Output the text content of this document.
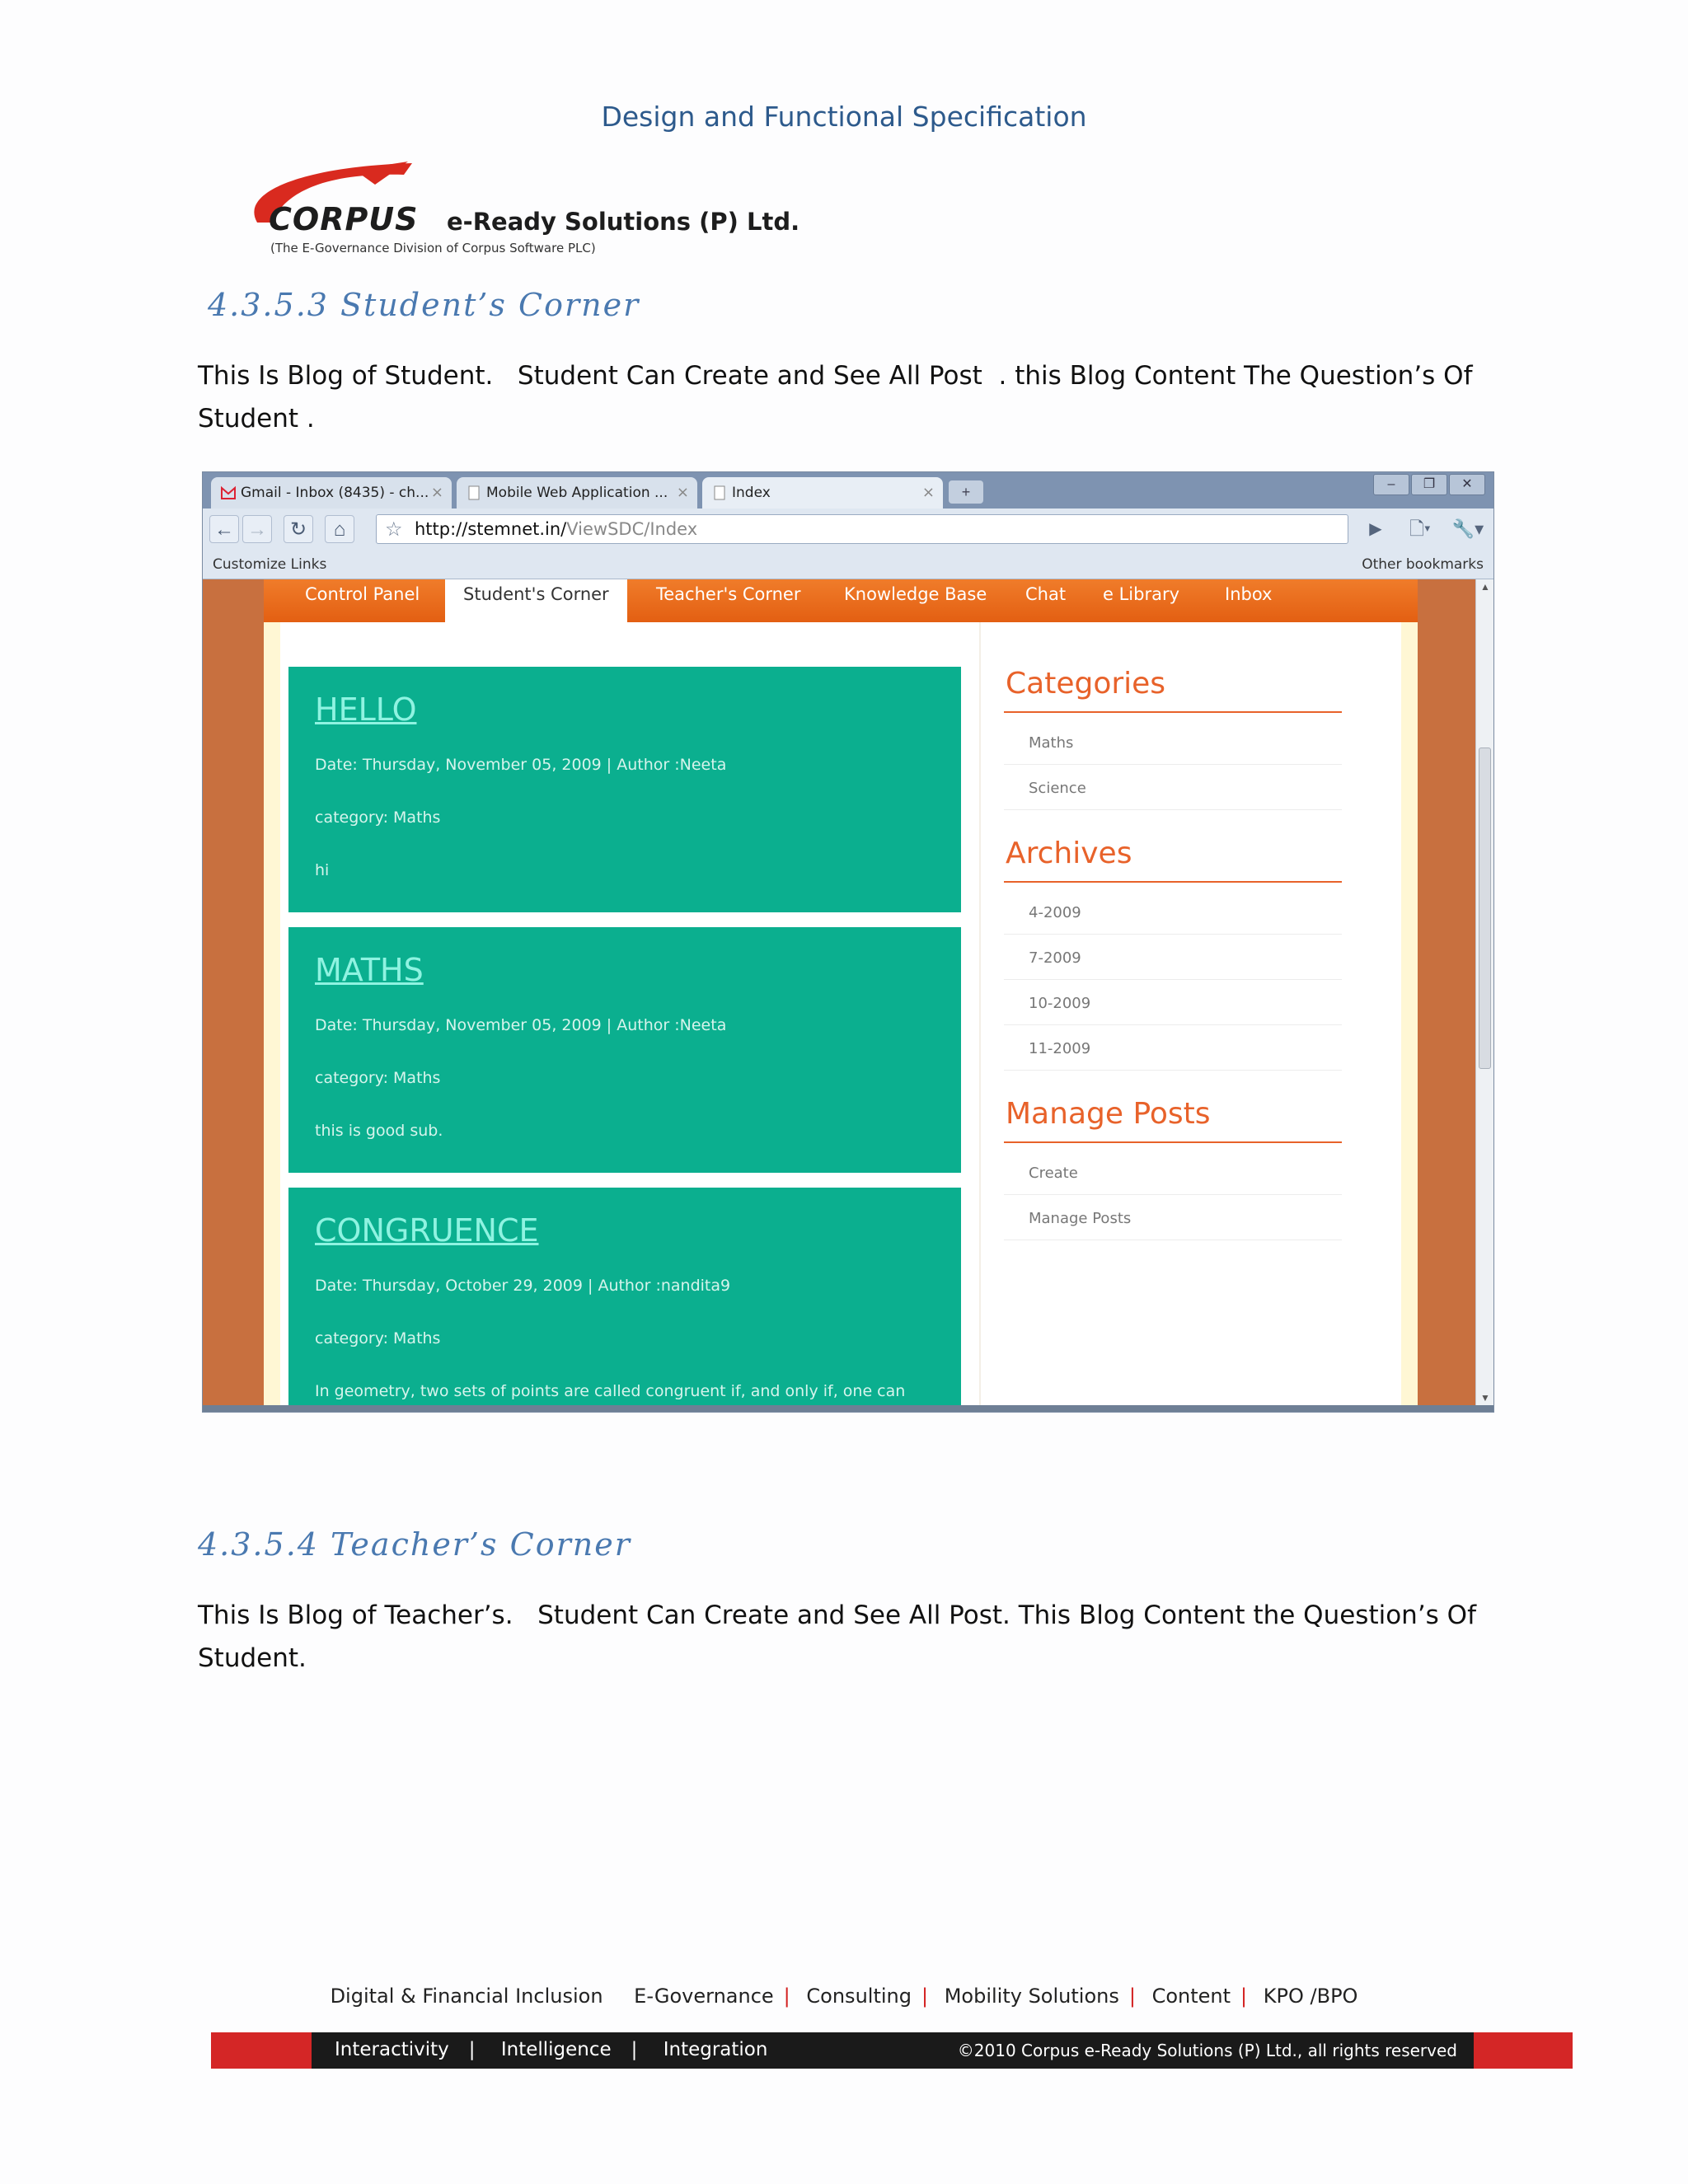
Design and Functional Specification
CORPUS e-Ready Solutions (P) Ltd.
(The E-Governance Division of Corpus Software PLC)
4.3.5.3 Student’s Corner
This Is Blog of Student.   Student Can Create and See All Post  . this Blog Content The Question’s Of Student .
Gmail - Inbox (8435) - ch... ×	Mobile Web Application ... ×	Index	×	+	–	❐	✕
← →	↻	⌂	☆ http://stemnet.in/ViewSDC/Index	▶	🗋▾	🔧▾
Customize Links	Other bookmarks
Control Panel	Student's Corner	Teacher's Corner	Knowledge Base Chat e Library	Inbox
HELLO
Date: Thursday, November 05, 2009 | Author :Neeta
category: Maths
hi
MATHS
Date: Thursday, November 05, 2009 | Author :Neeta
category: Maths
this is good sub.
CONGRUENCE
Date: Thursday, October 29, 2009 | Author :nandita9
category: Maths
In geometry, two sets of points are called congruent if, and only if, one can
Categories
Maths
Science
Archives
4-2009
7-2009
10-2009
11-2009
Manage Posts
Create
Manage Posts
▲
▼
4.3.5.4 Teacher’s Corner
This Is Blog of Teacher’s.   Student Can Create and See All Post. This Blog Content the Question’s Of Student.
Digital & Financial Inclusion E-Governance | Consulting | Mobility Solutions | Content | KPO /BPO
Interactivity | Intelligence | Integration	©2010 Corpus e-Ready Solutions (P) Ltd., all rights reserved
